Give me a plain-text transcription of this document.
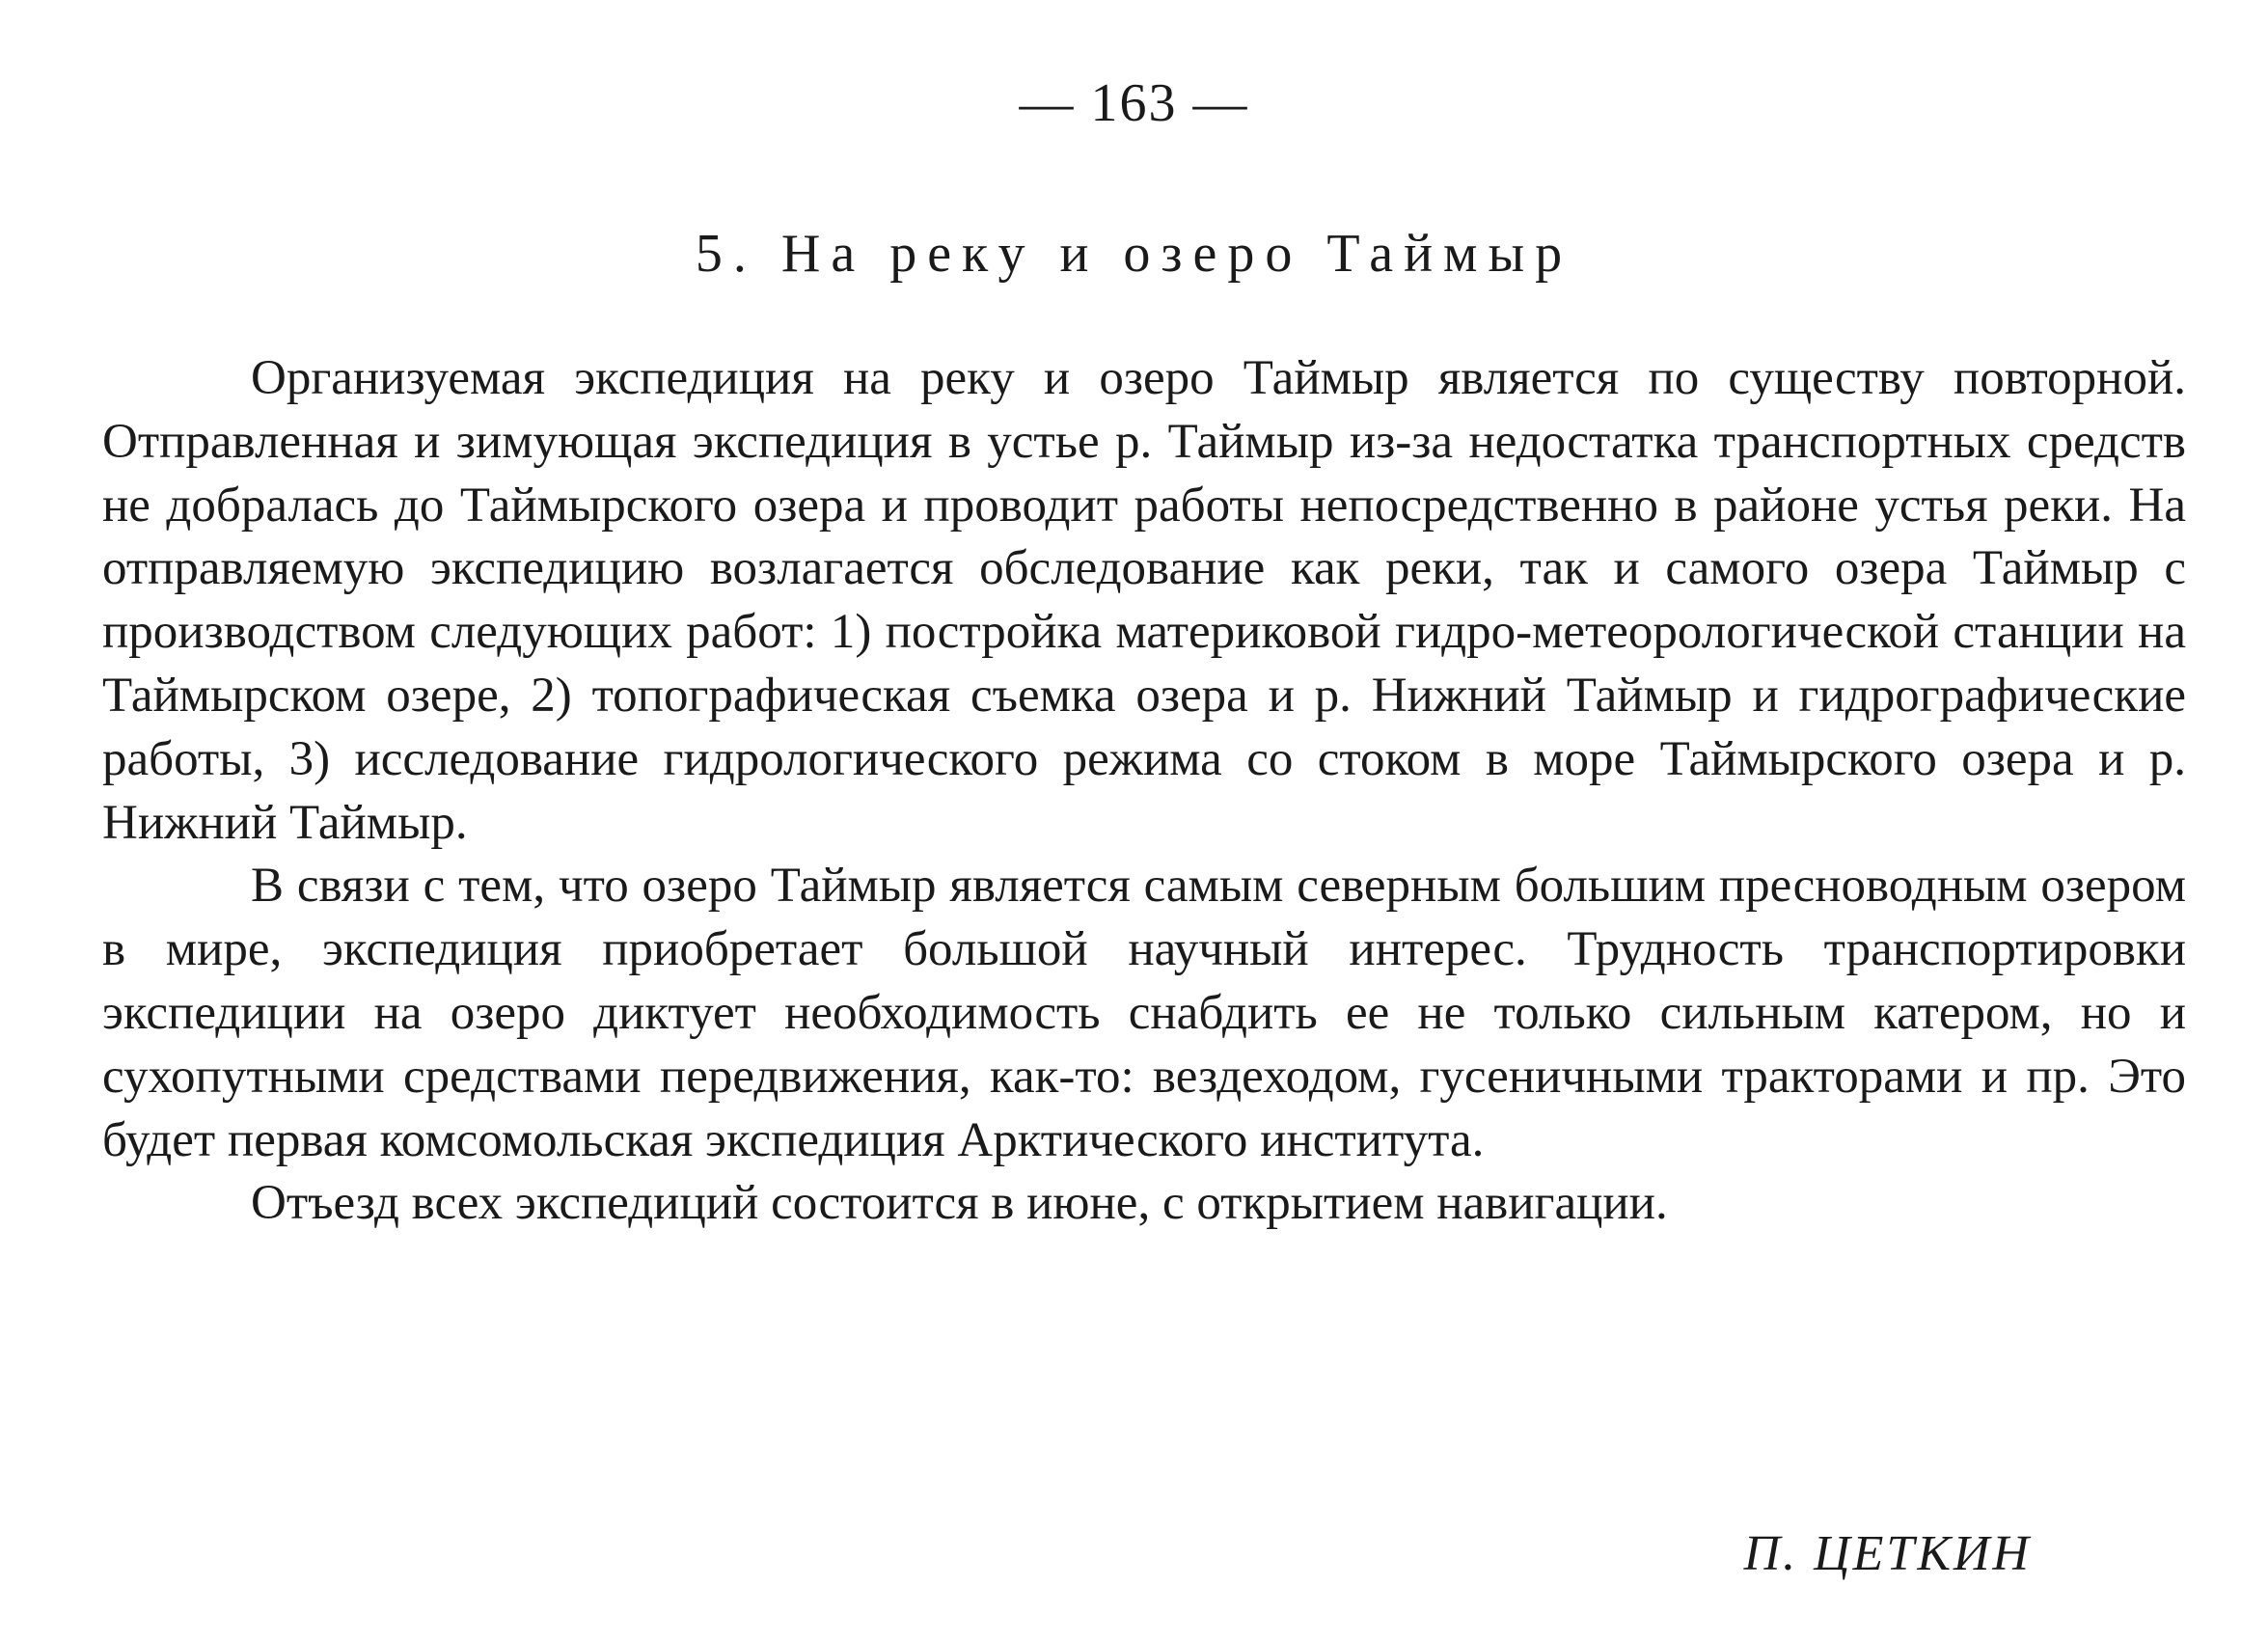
— 163 —
5. На реку и озеро Таймыр

Организуемая экспедиция на реку и озеро Таймыр является по существу повторной. Отправленная и зимующая экспедиция в устье р. Таймыр из-за недостатка транспортных средств не добралась до Таймырского озера и проводит работы непосредственно в районе устья реки. На отправляемую экспедицию возлагается обследование как реки, так и самого озера Таймыр с производством следующих работ: 1) постройка материковой гидро-метеорологической станции на Таймырском озере, 2) топографическая съемка озера и р. Нижний Таймыр и гидрографические работы, 3) исследование гидрологического режима со стоком в море Таймырского озера и р. Нижний Таймыр.

В связи с тем, что озеро Таймыр является самым северным большим пресноводным озером в мире, экспедиция приобретает большой научный интерес. Трудность транспортировки экспедиции на озеро диктует необходимость снабдить ее не только сильным катером, но и сухопутными средствами передвижения, как-то: вездеходом, гусеничными тракторами и пр. Это будет первая комсомольская экспедиция Арктического института.

Отъезд всех экспедиций состоится в июне, с открытием навигации.

П. ЦЕТКИН
